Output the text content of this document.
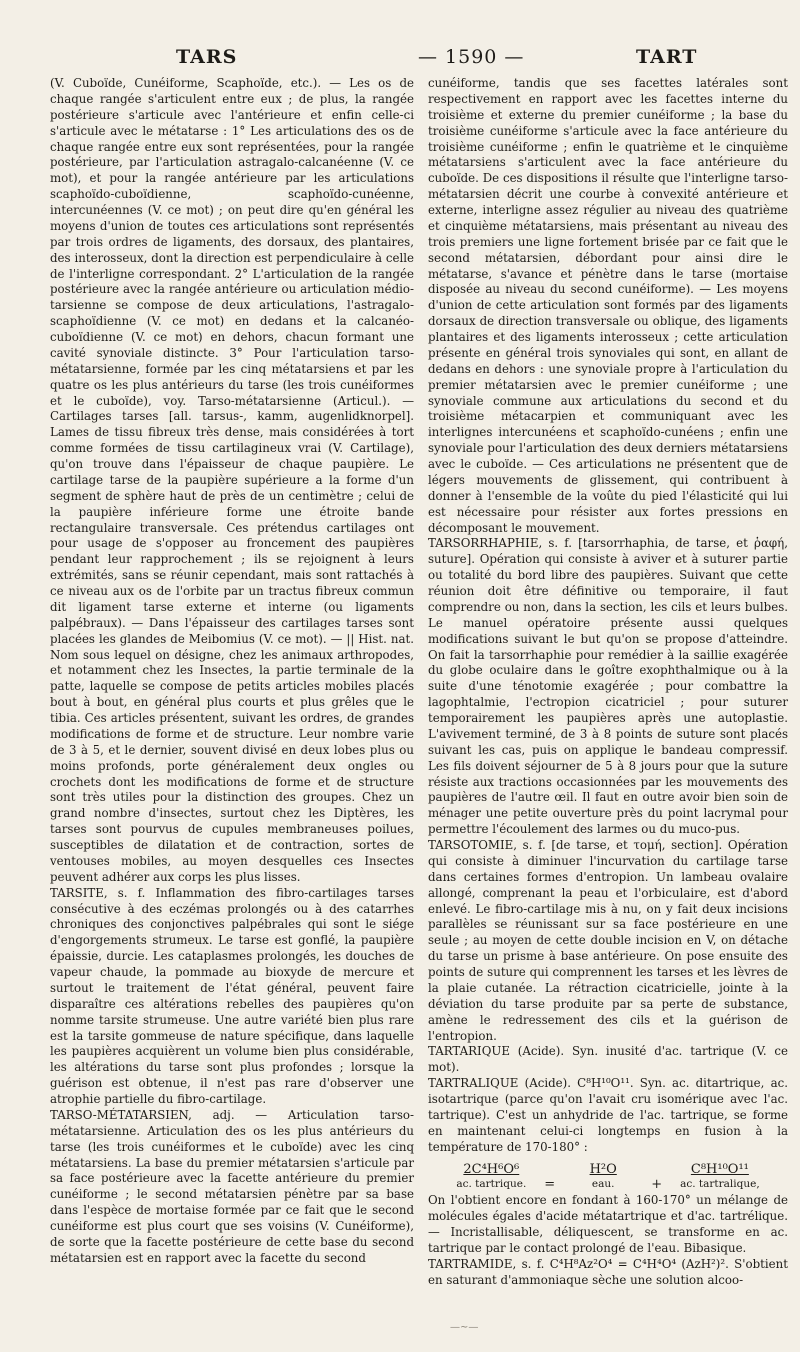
TARS	— 1590 —	TART

(V. Cuboïde, Cunéiforme, Scaphoïde, etc.). — Les os de chaque rangée s'articulent entre eux ; de plus, la rangée postérieure s'articule avec l'antérieure et enfin celle-ci s'articule avec le métatarse : 1° Les articulations des os de chaque rangée entre eux sont représentées, pour la rangée postérieure, par l'articulation astragalo-calcanéenne (V. ce mot), et pour la rangée antérieure par les articulations scaphoïdo-cuboïdienne, scaphoïdo-cunéenne, intercunéennes (V. ce mot) ; on peut dire qu'en général les moyens d'union de toutes ces articulations sont représentés par trois ordres de ligaments, des dorsaux, des plantaires, des interosseux, dont la direction est perpendiculaire à celle de l'interligne correspondant. 2° L'articulation de la rangée postérieure avec la rangée antérieure ou articulation médio-tarsienne se compose de deux articulations, l'astragalo-scaphoïdienne (V. ce mot) en dedans et la calcanéo-cuboïdienne (V. ce mot) en dehors, chacun formant une cavité synoviale distincte. 3° Pour l'articulation tarso-métatarsienne, formée par les cinq métatarsiens et par les quatre os les plus antérieurs du tarse (les trois cunéiformes et le cuboïde), voy. Tarso-métatarsienne (Articul.). — Cartilages tarses [all. tarsus-, kamm, augenlidknorpel]. Lames de tissu fibreux très dense, mais considérées à tort comme formées de tissu cartilagineux vrai (V. Cartilage), qu'on trouve dans l'épaisseur de chaque paupière. Le cartilage tarse de la paupière supérieure a la forme d'un segment de sphère haut de près de un centimètre ; celui de la paupière inférieure forme une étroite bande rectangulaire transversale. Ces prétendus cartilages ont pour usage de s'opposer au froncement des paupières pendant leur rapprochement ; ils se rejoignent à leurs extrémités, sans se réunir cependant, mais sont rattachés à ce niveau aux os de l'orbite par un tractus fibreux commun dit ligament tarse externe et interne (ou ligaments palpébraux). — Dans l'épaisseur des cartilages tarses sont placées les glandes de Meibomius (V. ce mot). — || Hist. nat. Nom sous lequel on désigne, chez les animaux arthropodes, et notamment chez les Insectes, la partie terminale de la patte, laquelle se compose de petits articles mobiles placés bout à bout, en général plus courts et plus grêles que le tibia. Ces articles présentent, suivant les ordres, de grandes modifications de forme et de structure. Leur nombre varie de 3 à 5, et le dernier, souvent divisé en deux lobes plus ou moins profonds, porte généralement deux ongles ou crochets dont les modifications de forme et de structure sont très utiles pour la distinction des groupes. Chez un grand nombre d'insectes, surtout chez les Diptères, les tarses sont pourvus de cupules membraneuses poilues, susceptibles de dilatation et de contraction, sortes de ventouses mobiles, au moyen desquelles ces Insectes peuvent adhérer aux corps les plus lisses.

TARSITE, s. f. Inflammation des fibro-cartilages tarses consécutive à des eczémas prolongés ou à des catarrhes chroniques des conjonctives palpébrales qui sont le siége d'engorgements strumeux. Le tarse est gonflé, la paupière épaissie, durcie. Les cataplasmes prolongés, les douches de vapeur chaude, la pommade au bioxyde de mercure et surtout le traitement de l'état général, peuvent faire disparaître ces altérations rebelles des paupières qu'on nomme tarsite strumeuse. Une autre variété bien plus rare est la tarsite gommeuse de nature spécifique, dans laquelle les paupières acquièrent un volume bien plus considérable, les altérations du tarse sont plus profondes ; lorsque la guérison est obtenue, il n'est pas rare d'observer une atrophie partielle du fibro-cartilage.

TARSO-MÉTATARSIEN, adj. — Articulation tarso-métatarsienne. Articulation des os les plus antérieurs du tarse (les trois cunéiformes et le cuboïde) avec les cinq métatarsiens. La base du premier métatarsien s'articule par sa face postérieure avec la facette antérieure du premier cunéiforme ; le second métatarsien pénètre par sa base dans l'espèce de mortaise formée par ce fait que le second cunéiforme est plus court que ses voisins (V. Cunéiforme), de sorte que la facette postérieure de cette base du second métatarsien est en rapport avec la facette du second

cunéiforme, tandis que ses facettes latérales sont respectivement en rapport avec les facettes interne du troisième et externe du premier cunéiforme ; la base du troisième cunéiforme s'articule avec la face antérieure du troisième cunéiforme ; enfin le quatrième et le cinquième métatarsiens s'articulent avec la face antérieure du cuboïde. De ces dispositions il résulte que l'interligne tarso-métatarsien décrit une courbe à convexité antérieure et externe, interligne assez régulier au niveau des quatrième et cinquième métatarsiens, mais présentant au niveau des trois premiers une ligne fortement brisée par ce fait que le second métatarsien, débordant pour ainsi dire le métatarse, s'avance et pénètre dans le tarse (mortaise disposée au niveau du second cunéiforme). — Les moyens d'union de cette articulation sont formés par des ligaments dorsaux de direction transversale ou oblique, des ligaments plantaires et des ligaments interosseux ; cette articulation présente en général trois synoviales qui sont, en allant de dedans en dehors : une synoviale propre à l'articulation du premier métatarsien avec le premier cunéiforme ; une synoviale commune aux articulations du second et du troisième métacarpien et communiquant avec les interlignes intercunéens et scaphoïdo-cunéens ; enfin une synoviale pour l'articulation des deux derniers métatarsiens avec le cuboïde. — Ces articulations ne présentent que de légers mouvements de glissement, qui contribuent à donner à l'ensemble de la voûte du pied l'élasticité qui lui est nécessaire pour résister aux fortes pressions en décomposant le mouvement.

TARSORRHAPHIE, s. f. [tarsorrhaphia, de tarse, et ῥαφή, suture]. Opération qui consiste à aviver et à suturer partie ou totalité du bord libre des paupières. Suivant que cette réunion doit être définitive ou temporaire, il faut comprendre ou non, dans la section, les cils et leurs bulbes. Le manuel opératoire présente aussi quelques modifications suivant le but qu'on se propose d'atteindre. On fait la tarsorrhaphie pour remédier à la saillie exagérée du globe oculaire dans le goître exophthalmique ou à la suite d'une ténotomie exagérée ; pour combattre la lagophtalmie, l'ectropion cicatriciel ; pour suturer temporairement les paupières après une autoplastie. L'avivement terminé, de 3 à 8 points de suture sont placés suivant les cas, puis on applique le bandeau compressif. Les fils doivent séjourner de 5 à 8 jours pour que la suture résiste aux tractions occasionnées par les mouvements des paupières de l'autre œil. Il faut en outre avoir bien soin de ménager une petite ouverture près du point lacrymal pour permettre l'écoulement des larmes ou du muco-pus.

TARSOTOMIE, s. f. [de tarse, et τομή, section]. Opération qui consiste à diminuer l'incurvation du cartilage tarse dans certaines formes d'entropion. Un lambeau ovalaire allongé, comprenant la peau et l'orbiculaire, est d'abord enlevé. Le fibro-cartilage mis à nu, on y fait deux incisions parallèles se réunissant sur sa face postérieure en une seule ; au moyen de cette double incision en V, on détache du tarse un prisme à base antérieure. On pose ensuite des points de suture qui comprennent les tarses et les lèvres de la plaie cutanée. La rétraction cicatricielle, jointe à la déviation du tarse produite par sa perte de substance, amène le redressement des cils et la guérison de l'entropion.

TARTARIQUE (Acide). Syn. inusité d'ac. tartrique (V. ce mot).

TARTRALIQUE (Acide). C⁸H¹⁰O¹¹. Syn. ac. ditartrique, ac. isotartrique (parce qu'on l'avait cru isomérique avec l'ac. tartrique). C'est un anhydride de l'ac. tartrique, se forme en maintenant celui-ci longtemps en fusion à la température de 170-180° :

2C⁴H⁶O⁶
ac. tartrique. =
H²O
eau.	+
C⁸H¹⁰O¹¹
ac. tartralique,

On l'obtient encore en fondant à 160-170° un mélange de molécules égales d'acide métatartrique et d'ac. tartrélique. — Incristallisable, déliquescent, se transforme en ac. tartrique par le contact prolongé de l'eau. Bibasique.

TARTRAMIDE, s. f. C⁴H⁸Az²O⁴ = C⁴H⁴O⁴ (AzH²)². S'obtient en saturant d'ammoniaque sèche une solution alcoo-

—∼—
